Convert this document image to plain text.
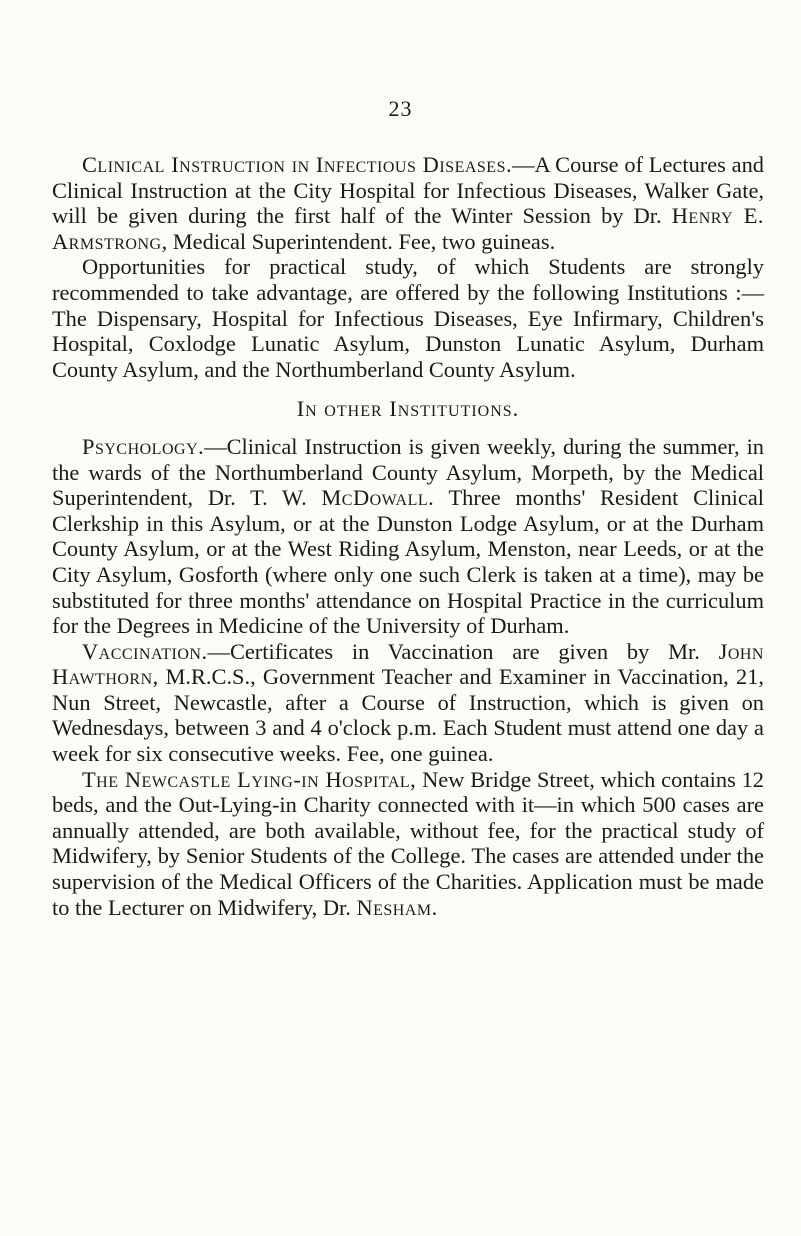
23

Clinical Instruction in Infectious Diseases.—A Course of Lectures and Clinical Instruction at the City Hospital for Infectious Diseases, Walker Gate, will be given during the first half of the Winter Session by Dr. Henry E. Armstrong, Medical Superintendent. Fee, two guineas.

Opportunities for practical study, of which Students are strongly recommended to take advantage, are offered by the following Institutions :—The Dispensary, Hospital for Infectious Diseases, Eye Infirmary, Children's Hospital, Coxlodge Lunatic Asylum, Dunston Lunatic Asylum, Durham County Asylum, and the Northumberland County Asylum.

In other Institutions.

Psychology.—Clinical Instruction is given weekly, during the summer, in the wards of the Northumberland County Asylum, Morpeth, by the Medical Superintendent, Dr. T. W. McDowall. Three months' Resident Clinical Clerkship in this Asylum, or at the Dunston Lodge Asylum, or at the Durham County Asylum, or at the West Riding Asylum, Menston, near Leeds, or at the City Asylum, Gosforth (where only one such Clerk is taken at a time), may be substituted for three months' attendance on Hospital Practice in the curriculum for the Degrees in Medicine of the University of Durham.

Vaccination.—Certificates in Vaccination are given by Mr. John Hawthorn, M.R.C.S., Government Teacher and Examiner in Vaccination, 21, Nun Street, Newcastle, after a Course of Instruction, which is given on Wednesdays, between 3 and 4 o'clock p.m. Each Student must attend one day a week for six consecutive weeks. Fee, one guinea.

The Newcastle Lying-in Hospital, New Bridge Street, which contains 12 beds, and the Out-Lying-in Charity connected with it—in which 500 cases are annually attended, are both available, without fee, for the practical study of Midwifery, by Senior Students of the College. The cases are attended under the supervision of the Medical Officers of the Charities. Application must be made to the Lecturer on Midwifery, Dr. Nesham.
